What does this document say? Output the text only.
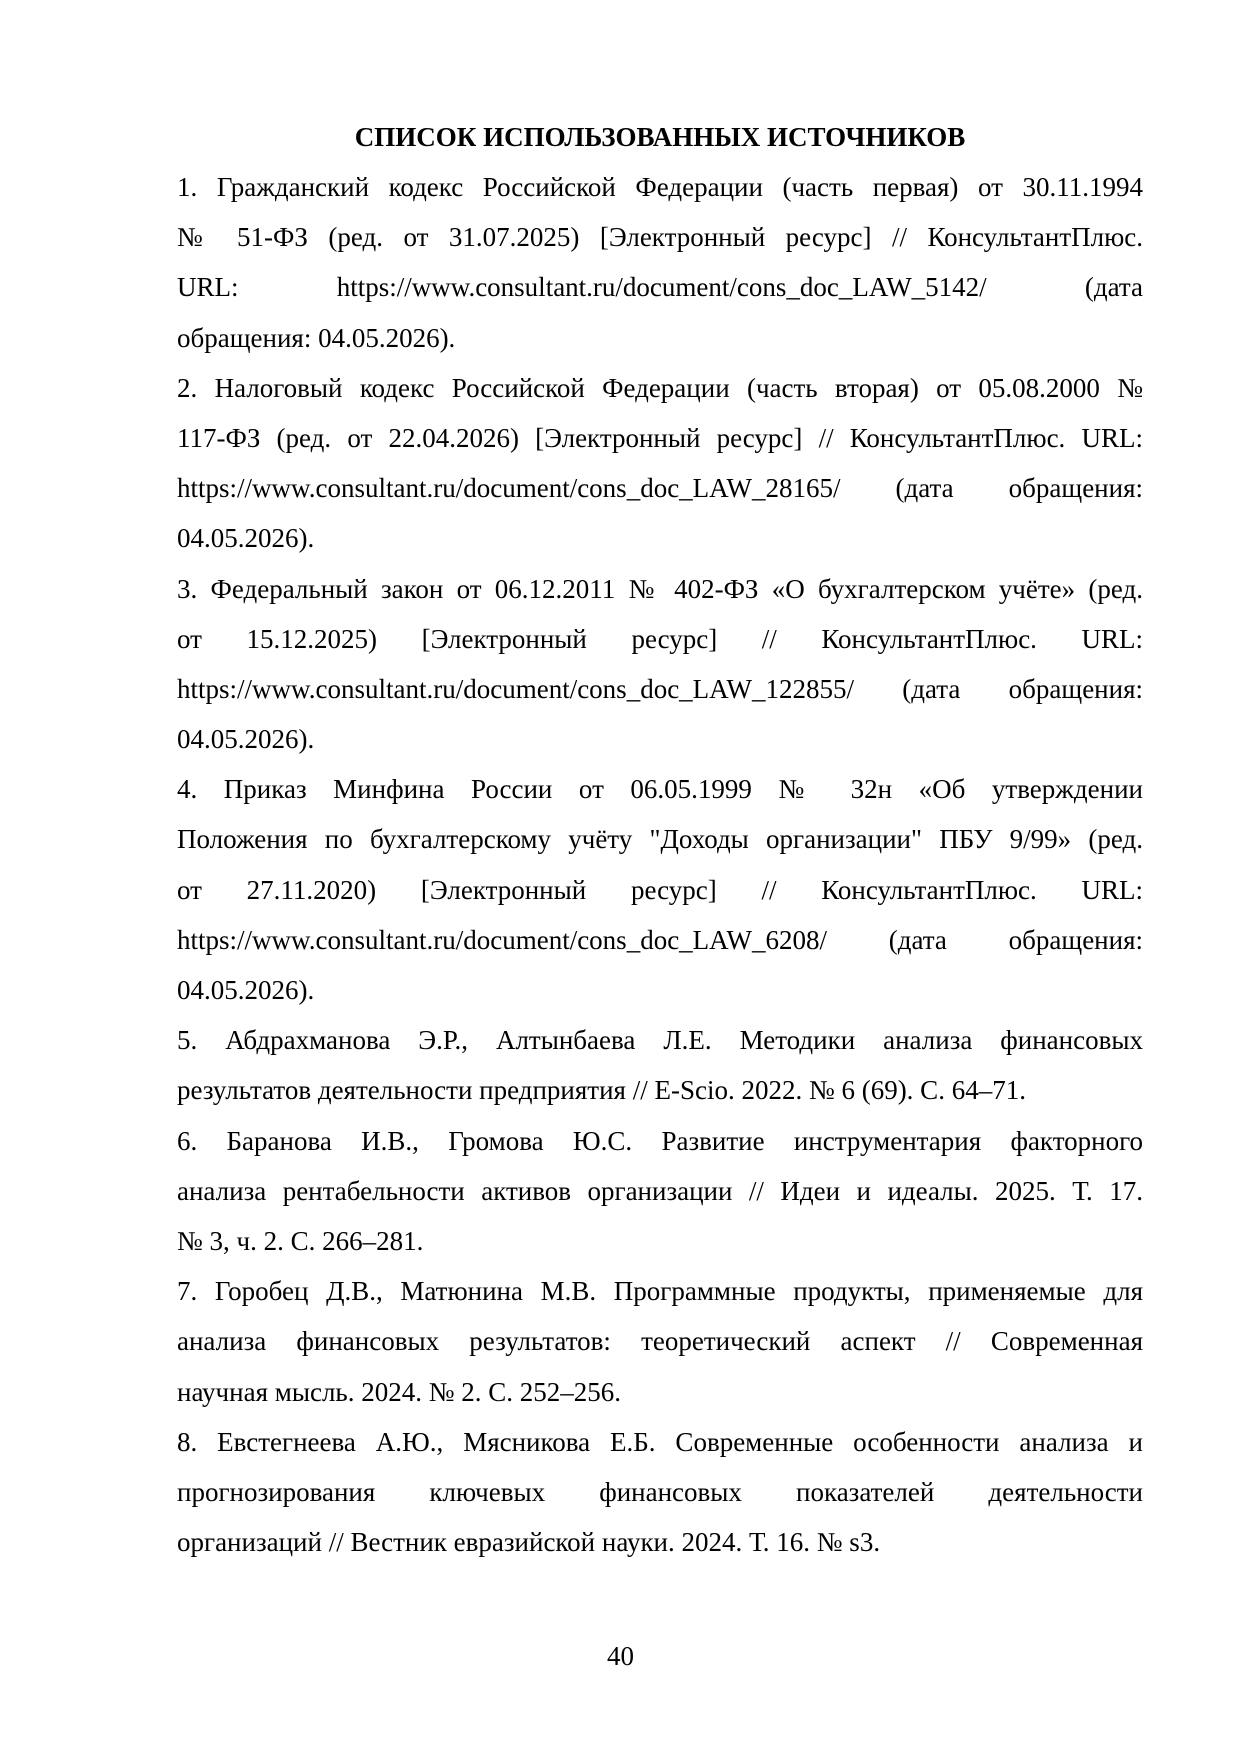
СПИСОК ИСПОЛЬЗОВАННЫХ ИСТОЧНИКОВ
1. Гражданский кодекс Российской Федерации (часть первая) от 30.11.1994
№ 51-ФЗ (ред. от 31.07.2025) [Электронный ресурс] // КонсультантПлюс.
URL: https://www.consultant.ru/document/cons_doc_LAW_5142/ (дата
обращения: 04.05.2026).
2. Налоговый кодекс Российской Федерации (часть вторая) от 05.08.2000 №
117-ФЗ (ред. от 22.04.2026) [Электронный ресурс] // КонсультантПлюс. URL:
https://www.consultant.ru/document/cons_doc_LAW_28165/ (дата обращения:
04.05.2026).
3. Федеральный закон от 06.12.2011 № 402-ФЗ «О бухгалтерском учёте» (ред.
от 15.12.2025) [Электронный ресурс] // КонсультантПлюс. URL:
https://www.consultant.ru/document/cons_doc_LAW_122855/ (дата обращения:
04.05.2026).
4. Приказ Минфина России от 06.05.1999 № 32н «Об утверждении
Положения по бухгалтерскому учёту "Доходы организации" ПБУ 9/99» (ред.
от 27.11.2020) [Электронный ресурс] // КонсультантПлюс. URL:
https://www.consultant.ru/document/cons_doc_LAW_6208/ (дата обращения:
04.05.2026).
5. Абдрахманова Э.Р., Алтынбаева Л.Е. Методики анализа финансовых
результатов деятельности предприятия // E-Scio. 2022. № 6 (69). С. 64–71.
6. Баранова И.В., Громова Ю.С. Развитие инструментария факторного
анализа рентабельности активов организации // Идеи и идеалы. 2025. Т. 17.
№ 3, ч. 2. С. 266–281.
7. Горобец Д.В., Матюнина М.В. Программные продукты, применяемые для
анализа финансовых результатов: теоретический аспект // Современная
научная мысль. 2024. № 2. С. 252–256.
8. Евстегнеева А.Ю., Мясникова Е.Б. Современные особенности анализа и
прогнозирования ключевых финансовых показателей деятельности
организаций // Вестник евразийской науки. 2024. Т. 16. № s3.
40
